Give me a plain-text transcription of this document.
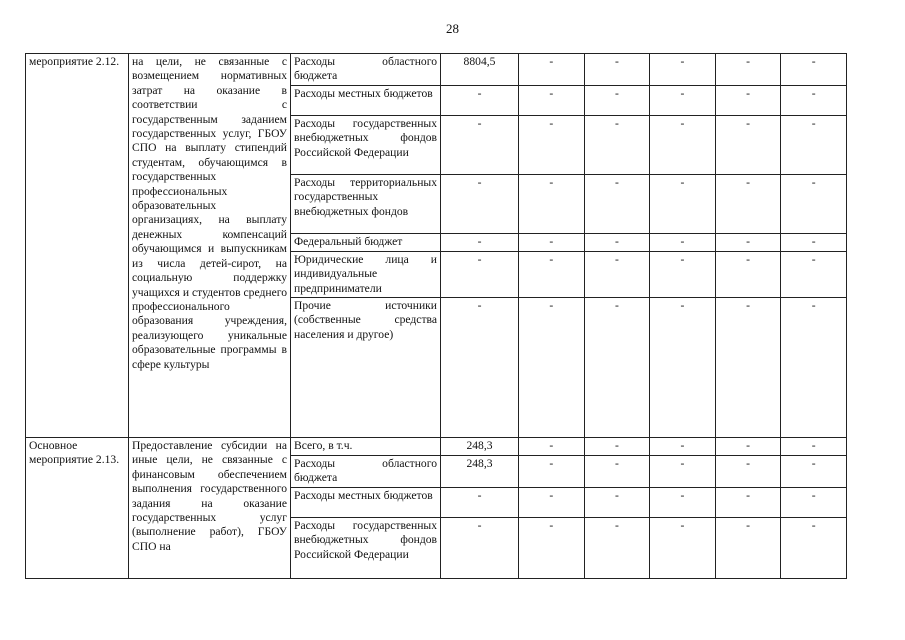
28
мероприятие 2.12.	на цели, не связанные с возмещением нормативных затрат на оказание в соответствии с государственным заданием государственных услуг, ГБОУ СПО на выплату стипендий студентам, обучающимся в государственных профессиональных образовательных организациях, на выплату денежных компенсаций обучающимся и выпускникам из числа детей-сирот, на социальную поддержку учащихся и студентов среднего профессионального образования учреждения, реализующего уникальные образовательные программы в сфере культуры	Расходы областного бюджета	8804,5	-	-	-	-	-
		Расходы местных бюджетов	-	-	-	-	-	-
		Расходы государственных внебюджетных фондов Российской Федерации	-	-	-	-	-	-
		Расходы территориальных государственных внебюджетных фондов	-	-	-	-	-	-
		Федеральный бюджет	-	-	-	-	-	-
		Юридические лица и индивидуальные предприниматели	-	-	-	-	-	-
		Прочие источники (собственные средства населения и другое)	-	-	-	-	-	-
Основное мероприятие 2.13.	Предоставление субсидии на иные цели, не связанные с финансовым обеспечением выполнения государственного задания на оказание государственных услуг (выполнение работ), ГБОУ СПО на	Всего, в т.ч.	248,3	-	-	-	-	-
		Расходы областного бюджета	248,3	-	-	-	-	-
		Расходы местных бюджетов	-	-	-	-	-	-
		Расходы государственных внебюджетных фондов Российской Федерации	-	-	-	-	-	-
